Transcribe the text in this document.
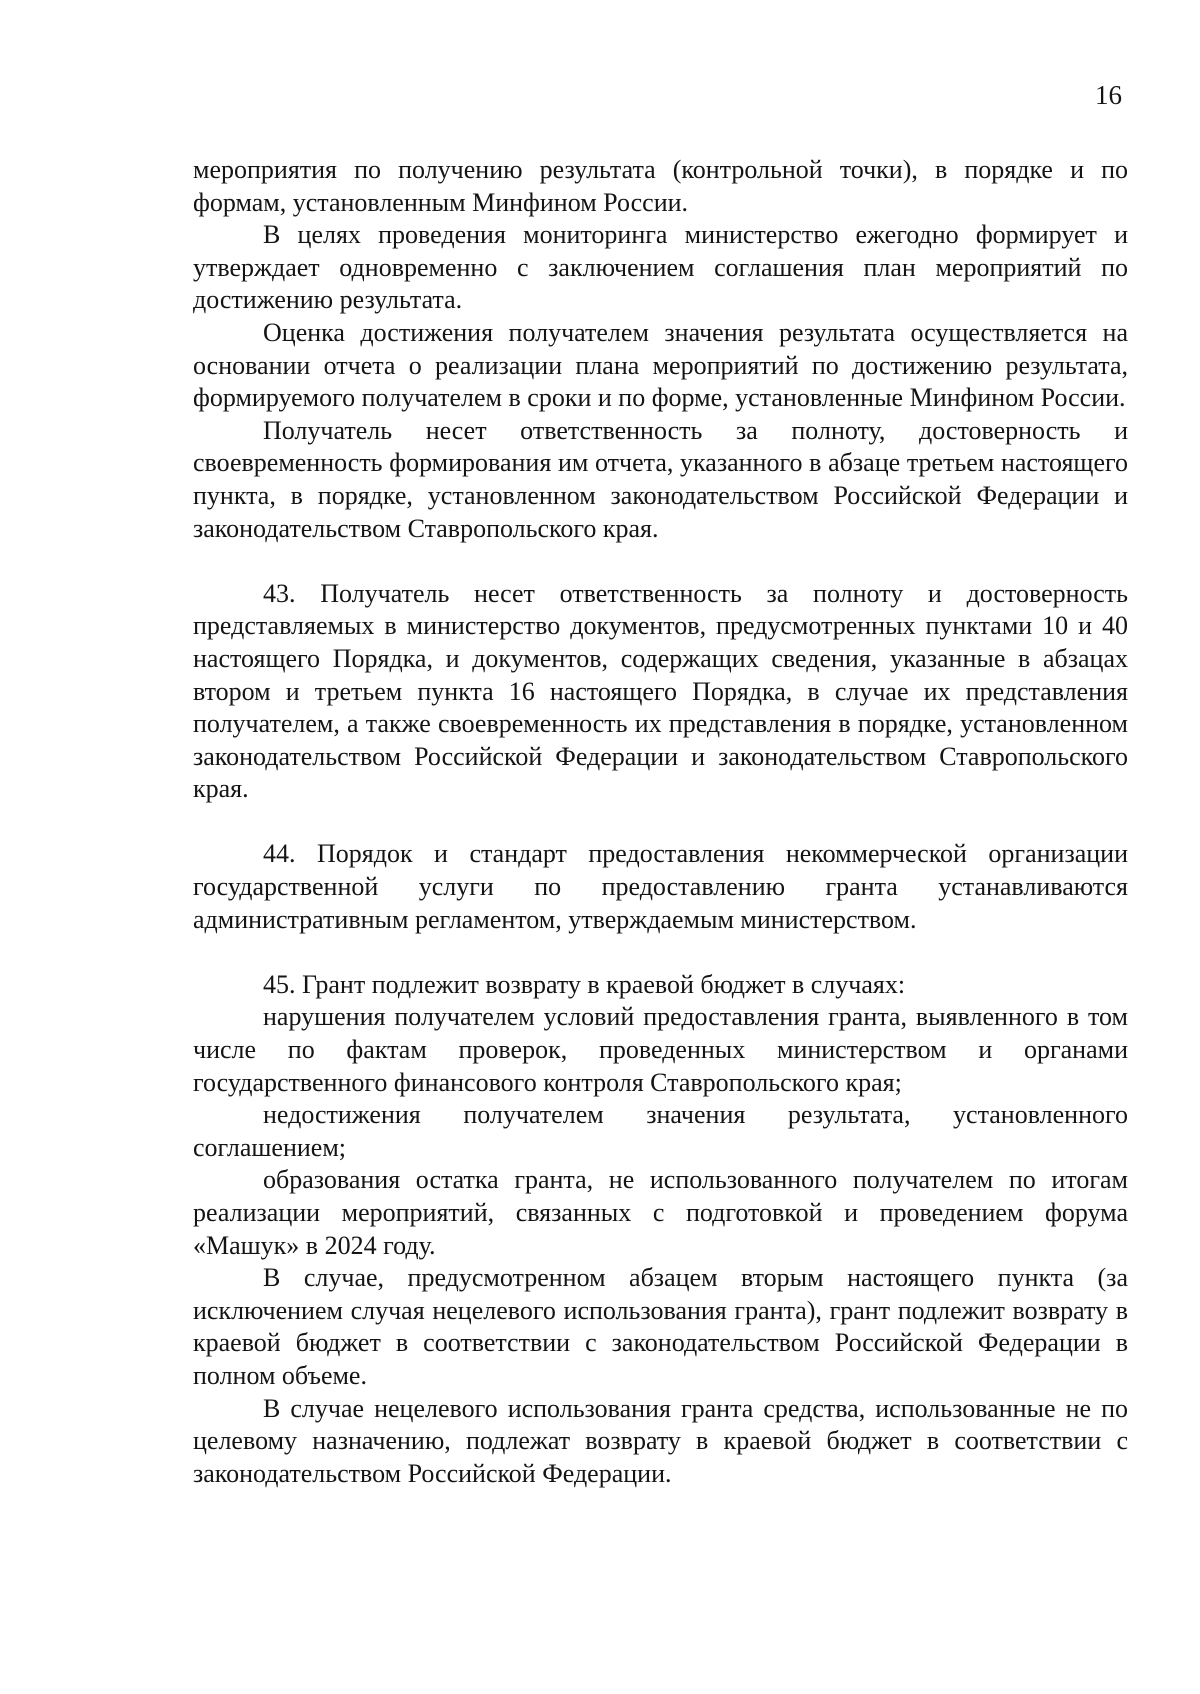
16

мероприятия по получению результата (контрольной точки), в порядке и по формам, установленным Минфином России.

В целях проведения мониторинга министерство ежегодно формирует и утверждает одновременно с заключением соглашения план мероприятий по достижению результата.

Оценка достижения получателем значения результата осуществляется на основании отчета о реализации плана мероприятий по достижению результата, формируемого получателем в сроки и по форме, установленные Минфином России.

Получатель несет ответственность за полноту, достоверность и своевременность формирования им отчета, указанного в абзаце третьем настоящего пункта, в порядке, установленном законодательством Российской Федерации и законодательством Ставропольского края.

43. Получатель несет ответственность за полноту и достоверность представляемых в министерство документов, предусмотренных пунктами 10 и 40 настоящего Порядка, и документов, содержащих сведения, указанные в абзацах втором и третьем пункта 16 настоящего Порядка, в случае их представления получателем, а также своевременность их представления в порядке, установленном законодательством Российской Федерации и законодательством Ставропольского края.

44. Порядок и стандарт предоставления некоммерческой организации государственной услуги по предоставлению гранта устанавливаются административным регламентом, утверждаемым министерством.

45. Грант подлежит возврату в краевой бюджет в случаях:

нарушения получателем условий предоставления гранта, выявленного в том числе по фактам проверок, проведенных министерством и органами государственного финансового контроля Ставропольского края;

недостижения получателем значения результата, установленного соглашением;

образования остатка гранта, не использованного получателем по итогам реализации мероприятий, связанных с подготовкой и проведением форума «Машук» в 2024 году.

В случае, предусмотренном абзацем вторым настоящего пункта (за исключением случая нецелевого использования гранта), грант подлежит возврату в краевой бюджет в соответствии с законодательством Российской Федерации в полном объеме.

В случае нецелевого использования гранта средства, использованные не по целевому назначению, подлежат возврату в краевой бюджет в соответствии с законодательством Российской Федерации.
